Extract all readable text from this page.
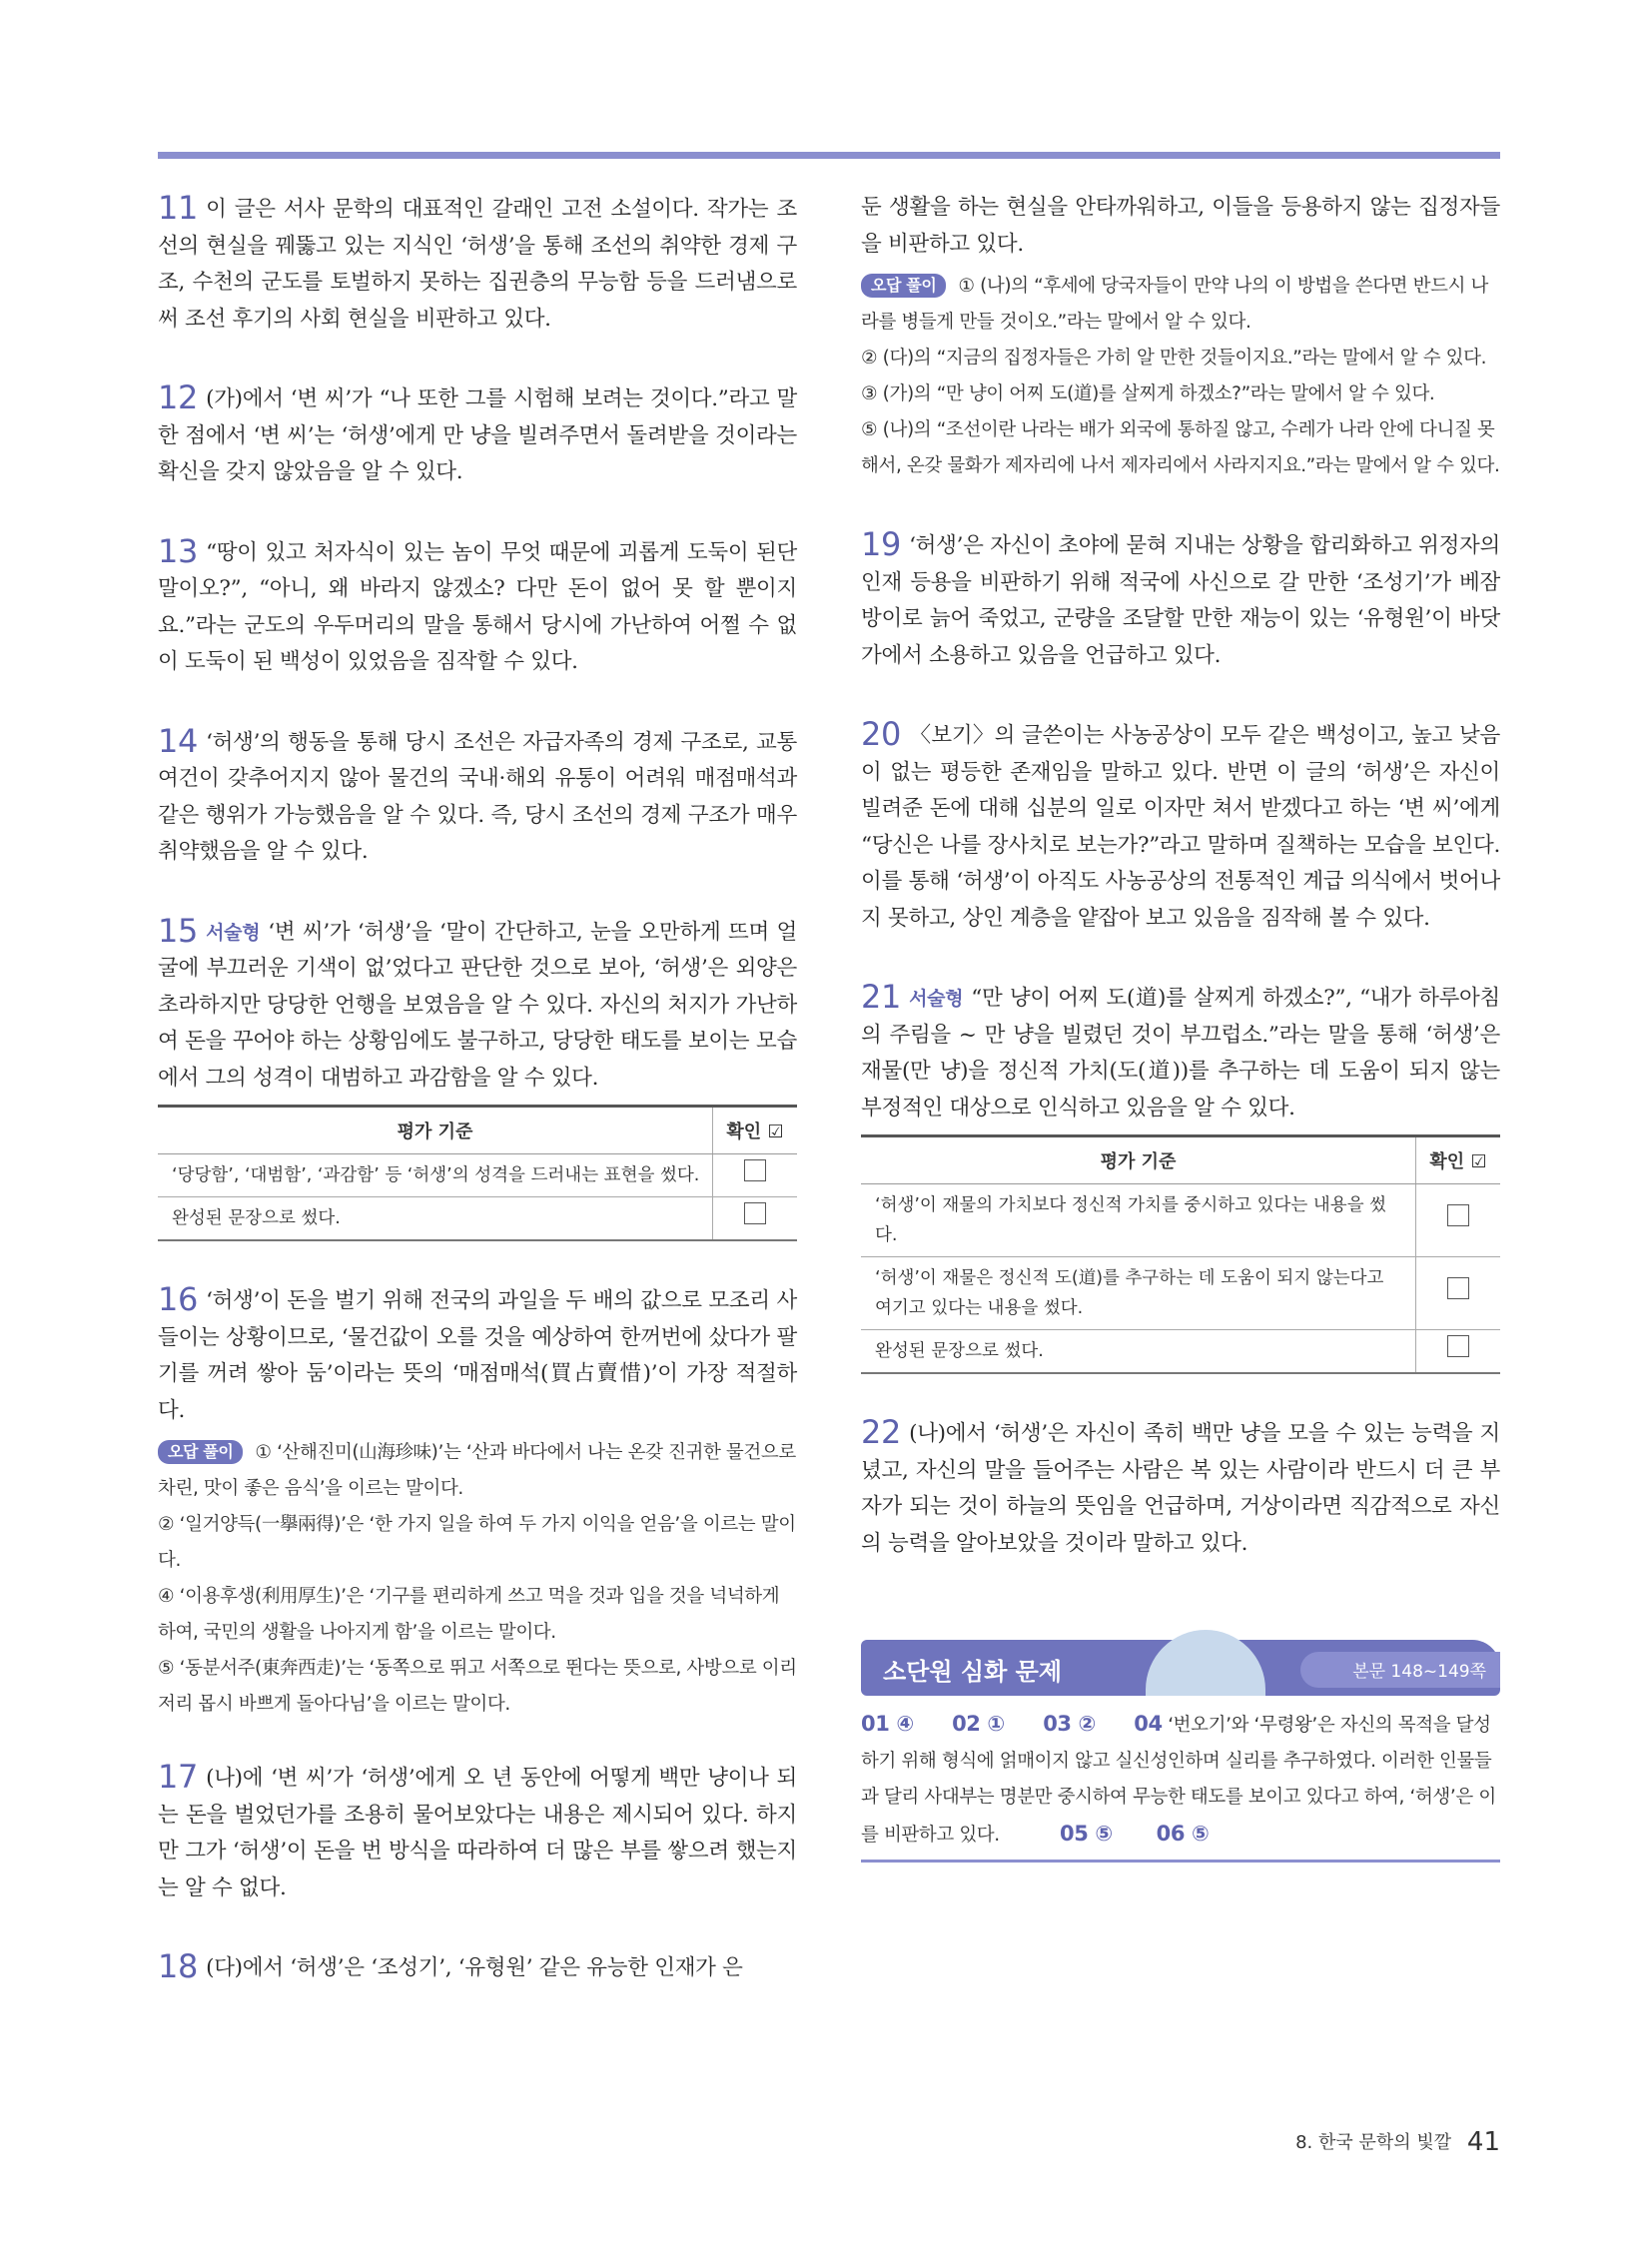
11 이 글은 서사 문학의 대표적인 갈래인 고전 소설이다. 작가는 조선의 현실을 꿰뚫고 있는 지식인 ‘허생’을 통해 조선의 취약한 경제 구조, 수천의 군도를 토벌하지 못하는 집권층의 무능함 등을 드러냄으로써 조선 후기의 사회 현실을 비판하고 있다.
12 (가)에서 ‘변 씨’가 “나 또한 그를 시험해 보려는 것이다.”라고 말한 점에서 ‘변 씨’는 ‘허생’에게 만 냥을 빌려주면서 돌려받을 것이라는 확신을 갖지 않았음을 알 수 있다.
13 “땅이 있고 처자식이 있는 놈이 무엇 때문에 괴롭게 도둑이 된단 말이오?”, “아니, 왜 바라지 않겠소? 다만 돈이 없어 못 할 뿐이지요.”라는 군도의 우두머리의 말을 통해서 당시에 가난하여 어쩔 수 없이 도둑이 된 백성이 있었음을 짐작할 수 있다.
14 ‘허생’의 행동을 통해 당시 조선은 자급자족의 경제 구조로, 교통 여건이 갖추어지지 않아 물건의 국내·해외 유통이 어려워 매점매석과 같은 행위가 가능했음을 알 수 있다. 즉, 당시 조선의 경제 구조가 매우 취약했음을 알 수 있다.
15 서술형 ‘변 씨’가 ‘허생’을 ‘말이 간단하고, 눈을 오만하게 뜨며 얼굴에 부끄러운 기색이 없’었다고 판단한 것으로 보아, ‘허생’은 외양은 초라하지만 당당한 언행을 보였음을 알 수 있다. 자신의 처지가 가난하여 돈을 꾸어야 하는 상황임에도 불구하고, 당당한 태도를 보이는 모습에서 그의 성격이 대범하고 과감함을 알 수 있다.
평가 기준	확인 ☑
‘당당함’, ‘대범함’, ‘과감함’ 등 ‘허생’의 성격을 드러내는 표현을 썼다.	
완성된 문장으로 썼다.	
16 ‘허생’이 돈을 벌기 위해 전국의 과일을 두 배의 값으로 모조리 사들이는 상황이므로, ‘물건값이 오를 것을 예상하여 한꺼번에 샀다가 팔기를 꺼려 쌓아 둠’이라는 뜻의 ‘매점매석(買占賣惜)’이 가장 적절하다.
오답 풀이 ① ‘산해진미(山海珍味)’는 ‘산과 바다에서 나는 온갖 진귀한 물건으로 차린, 맛이 좋은 음식’을 이르는 말이다.
② ‘일거양득(一擧兩得)’은 ‘한 가지 일을 하여 두 가지 이익을 얻음’을 이르는 말이다.
④ ‘이용후생(利用厚生)’은 ‘기구를 편리하게 쓰고 먹을 것과 입을 것을 넉넉하게 하여, 국민의 생활을 나아지게 함’을 이르는 말이다.
⑤ ‘동분서주(東奔西走)’는 ‘동쪽으로 뛰고 서쪽으로 뛴다는 뜻으로, 사방으로 이리저리 몹시 바쁘게 돌아다님’을 이르는 말이다.
17 (나)에 ‘변 씨’가 ‘허생’에게 오 년 동안에 어떻게 백만 냥이나 되는 돈을 벌었던가를 조용히 물어보았다는 내용은 제시되어 있다. 하지만 그가 ‘허생’이 돈을 번 방식을 따라하여 더 많은 부를 쌓으려 했는지는 알 수 없다.
18 (다)에서 ‘허생’은 ‘조성기’, ‘유형원’ 같은 유능한 인재가 은
둔 생활을 하는 현실을 안타까워하고, 이들을 등용하지 않는 집정자들을 비판하고 있다.
오답 풀이 ① (나)의 “후세에 당국자들이 만약 나의 이 방법을 쓴다면 반드시 나라를 병들게 만들 것이오.”라는 말에서 알 수 있다.
② (다)의 “지금의 집정자들은 가히 알 만한 것들이지요.”라는 말에서 알 수 있다.
③ (가)의 “만 냥이 어찌 도(道)를 살찌게 하겠소?”라는 말에서 알 수 있다.
⑤ (나)의 “조선이란 나라는 배가 외국에 통하질 않고, 수레가 나라 안에 다니질 못해서, 온갖 물화가 제자리에 나서 제자리에서 사라지지요.”라는 말에서 알 수 있다.
19 ‘허생’은 자신이 초야에 묻혀 지내는 상황을 합리화하고 위정자의 인재 등용을 비판하기 위해 적국에 사신으로 갈 만한 ‘조성기’가 베잠방이로 늙어 죽었고, 군량을 조달할 만한 재능이 있는 ‘유형원’이 바닷가에서 소용하고 있음을 언급하고 있다.
20 〈보기〉의 글쓴이는 사농공상이 모두 같은 백성이고, 높고 낮음이 없는 평등한 존재임을 말하고 있다. 반면 이 글의 ‘허생’은 자신이 빌려준 돈에 대해 십분의 일로 이자만 쳐서 받겠다고 하는 ‘변 씨’에게 “당신은 나를 장사치로 보는가?”라고 말하며 질책하는 모습을 보인다. 이를 통해 ‘허생’이 아직도 사농공상의 전통적인 계급 의식에서 벗어나지 못하고, 상인 계층을 얕잡아 보고 있음을 짐작해 볼 수 있다.
21 서술형 “만 냥이 어찌 도(道)를 살찌게 하겠소?”, “내가 하루아침의 주림을 ~ 만 냥을 빌렸던 것이 부끄럽소.”라는 말을 통해 ‘허생’은 재물(만 냥)을 정신적 가치(도(道))를 추구하는 데 도움이 되지 않는 부정적인 대상으로 인식하고 있음을 알 수 있다.
평가 기준	확인 ☑
‘허생’이 재물의 가치보다 정신적 가치를 중시하고 있다는 내용을 썼다.	
‘허생’이 재물은 정신적 도(道)를 추구하는 데 도움이 되지 않는다고 여기고 있다는 내용을 썼다.	
완성된 문장으로 썼다.	
22 (나)에서 ‘허생’은 자신이 족히 백만 냥을 모을 수 있는 능력을 지녔고, 자신의 말을 들어주는 사람은 복 있는 사람이라 반드시 더 큰 부자가 되는 것이 하늘의 뜻임을 언급하며, 거상이라면 직감적으로 자신의 능력을 알아보았을 것이라 말하고 있다.
소단원 심화 문제	본문 148~149쪽
01 ④ 02 ① 03 ② 04 ‘번오기’와 ‘무령왕’은 자신의 목적을 달성하기 위해 형식에 얽매이지 않고 실신성인하며 실리를 추구하였다. 이러한 인물들과 달리 사대부는 명분만 중시하여 무능한 태도를 보이고 있다고 하여, ‘허생’은 이를 비판하고 있다.	05 ⑤ 06 ⑤
8. 한국 문학의 빛깔 41
